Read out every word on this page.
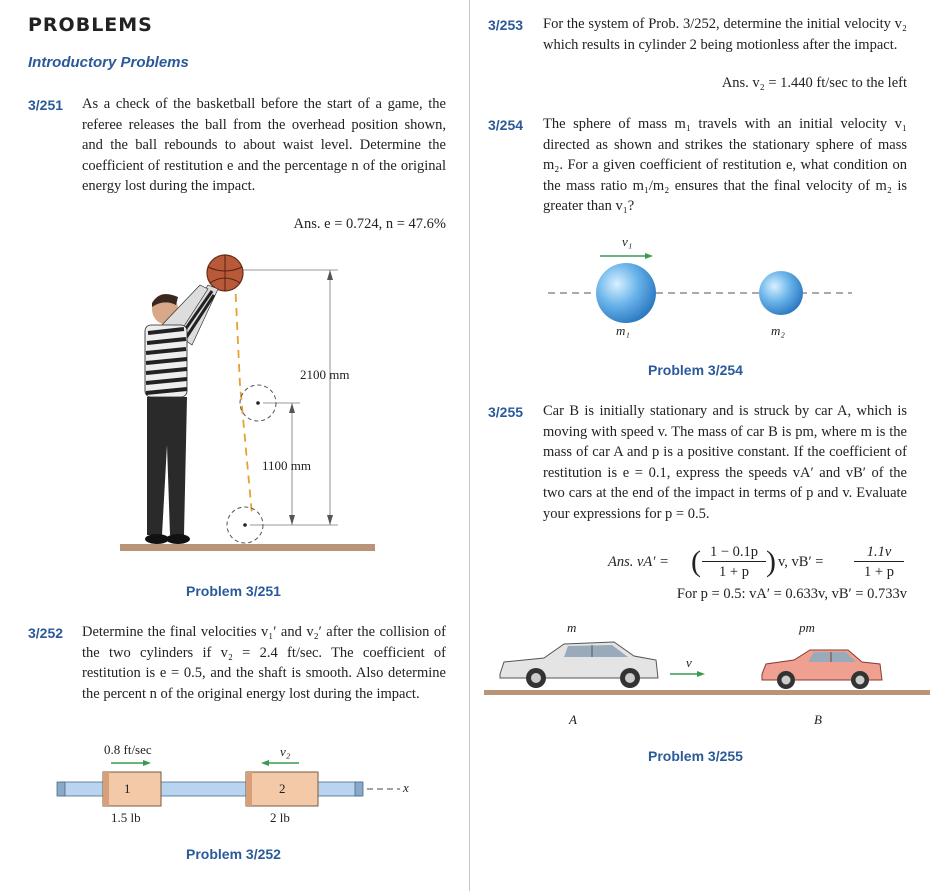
PROBLEMS
Introductory Problems
3/251 As a check of the basketball before the start of a game, the referee releases the ball from the overhead position shown, and the ball rebounds to about waist level. Determine the coefficient of restitution e and the percentage n of the original energy lost during the impact.
Ans. e = 0.724, n = 47.6%
2100 mm
1100 mm
Problem 3/251
3/252 Determine the final velocities v₁′ and v₂′ after the collision of the two cylinders if v₂ = 2.4 ft/sec. The coefficient of restitution is e = 0.5, and the shaft is smooth. Also determine the percent n of the original energy lost during the impact.
0.8 ft/sec	v₂
1	2	x
1.5 lb	2 lb
Problem 3/252
3/253 For the system of Prob. 3/252, determine the initial velocity v₂ which results in cylinder 2 being motionless after the impact.
Ans. v₂ = 1.440 ft/sec to the left
3/254 The sphere of mass m₁ travels with an initial velocity v₁ directed as shown and strikes the stationary sphere of mass m₂. For a given coefficient of restitution e, what condition on the mass ratio m₁/m₂ ensures that the final velocity of m₂ is greater than v₁?
v₁
m₁	m₂
Problem 3/254
3/255 Car B is initially stationary and is struck by car A, which is moving with speed v. The mass of car B is pm, where m is the mass of car A and p is a positive constant. If the coefficient of restitution is e = 0.1, express the speeds vA′ and vB′ of the two cars at the end of the impact in terms of p and v. Evaluate your expressions for p = 0.5.
Ans. vA′ = ( 1 − 0.1p
1 + p ) v, vB′ =
1.1v
1 + p
For p = 0.5: vA′ = 0.633v, vB′ = 0.733v
m	pm
v
A	B
Problem 3/255
